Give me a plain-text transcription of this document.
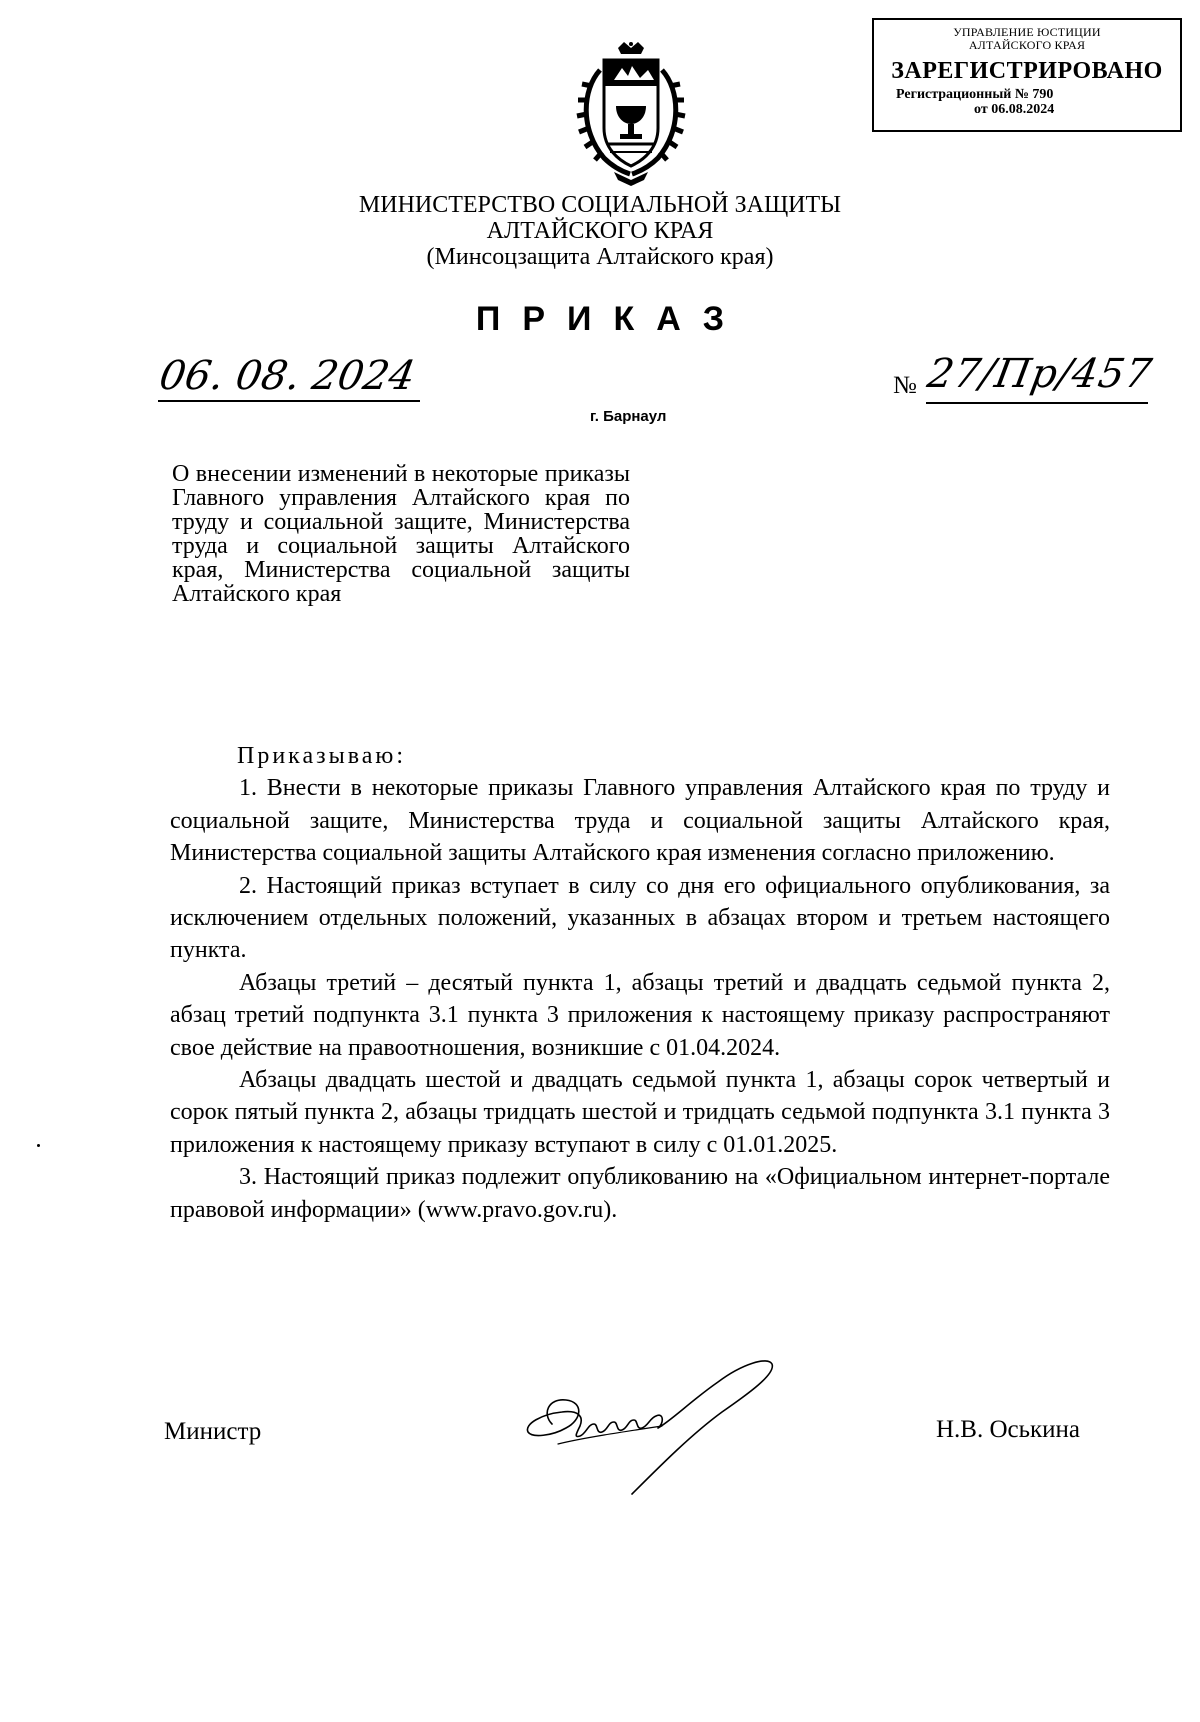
УПРАВЛЕНИЕ ЮСТИЦИИ
АЛТАЙСКОГО КРАЯ
ЗАРЕГИСТРИРОВАНО
Регистрационный № 790
от 06.08.2024
МИНИСТЕРСТВО СОЦИАЛЬНОЙ ЗАЩИТЫ
АЛТАЙСКОГО КРАЯ
(Минсоцзащита Алтайского края)
ПРИКАЗ
06. 08. 2024	№ 27/Пр/457
г. Барнаул
О внесении изменений в некоторые приказы Главного управления Алтайского края по труду и социальной защите, Министерства труда и социальной защиты Алтайского края, Министерства социальной защиты Алтайского края

Приказываю:

1. Внести в некоторые приказы Главного управления Алтайского края по труду и социальной защите, Министерства труда и социальной защиты Алтайского края, Министерства социальной защиты Алтайского края изменения согласно приложению.

2. Настоящий приказ вступает в силу со дня его официального опубликования, за исключением отдельных положений, указанных в абзацах втором и третьем настоящего пункта.

Абзацы третий – десятый пункта 1, абзацы третий и двадцать седьмой пункта 2, абзац третий подпункта 3.1 пункта 3 приложения к настоящему приказу распространяют свое действие на правоотношения, возникшие с 01.04.2024.

Абзацы двадцать шестой и двадцать седьмой пункта 1, абзацы сорок четвертый и сорок пятый пункта 2, абзацы тридцать шестой и тридцать седьмой подпункта 3.1 пункта 3 приложения к настоящему приказу вступают в силу с 01.01.2025.

3. Настоящий приказ подлежит опубликованию на «Официальном интернет-портале правовой информации» (www.pravo.gov.ru).

Министр	Н.В. Оськина
